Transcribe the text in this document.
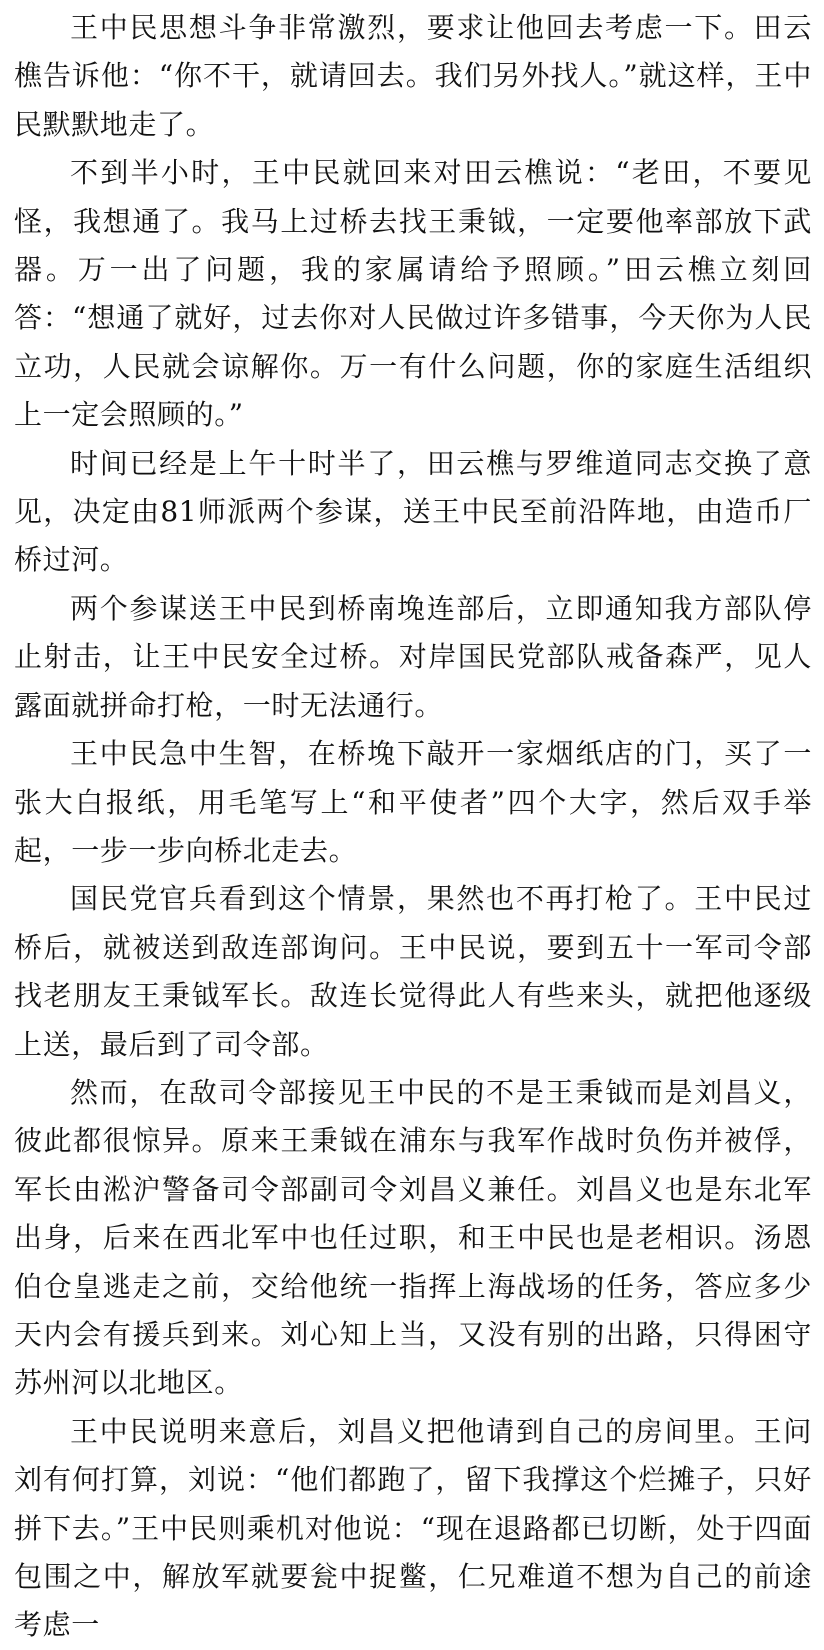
王中民思想斗争非常激烈，要求让他回去考虑一下。田云樵告诉他：“你不干，就请回去。我们另外找人。”就这样，王中民默默地走了。

不到半小时，王中民就回来对田云樵说：“老田，不要见怪，我想通了。我马上过桥去找王秉钺，一定要他率部放下武器。万一出了问题，我的家属请给予照顾。”田云樵立刻回答：“想通了就好，过去你对人民做过许多错事，今天你为人民立功，人民就会谅解你。万一有什么问题，你的家庭生活组织上一定会照顾的。”

时间已经是上午十时半了，田云樵与罗维道同志交换了意见，决定由81师派两个参谋，送王中民至前沿阵地，由造币厂桥过河。

两个参谋送王中民到桥南堍连部后，立即通知我方部队停止射击，让王中民安全过桥。对岸国民党部队戒备森严，见人露面就拼命打枪，一时无法通行。

王中民急中生智，在桥堍下敲开一家烟纸店的门，买了一张大白报纸，用毛笔写上“和平使者”四个大字，然后双手举起，一步一步向桥北走去。

国民党官兵看到这个情景，果然也不再打枪了。王中民过桥后，就被送到敌连部询问。王中民说，要到五十一军司令部找老朋友王秉钺军长。敌连长觉得此人有些来头，就把他逐级上送，最后到了司令部。

然而，在敌司令部接见王中民的不是王秉钺而是刘昌义，彼此都很惊异。原来王秉钺在浦东与我军作战时负伤并被俘，军长由淞沪警备司令部副司令刘昌义兼任。刘昌义也是东北军出身，后来在西北军中也任过职，和王中民也是老相识。汤恩伯仓皇逃走之前，交给他统一指挥上海战场的任务，答应多少天内会有援兵到来。刘心知上当，又没有别的出路，只得困守苏州河以北地区。

王中民说明来意后，刘昌义把他请到自己的房间里。王问刘有何打算，刘说：“他们都跑了，留下我撑这个烂摊子，只好拼下去。”王中民则乘机对他说：“现在退路都已切断，处于四面包围之中，解放军就要瓮中捉鳖，仁兄难道不想为自己的前途考虑一
